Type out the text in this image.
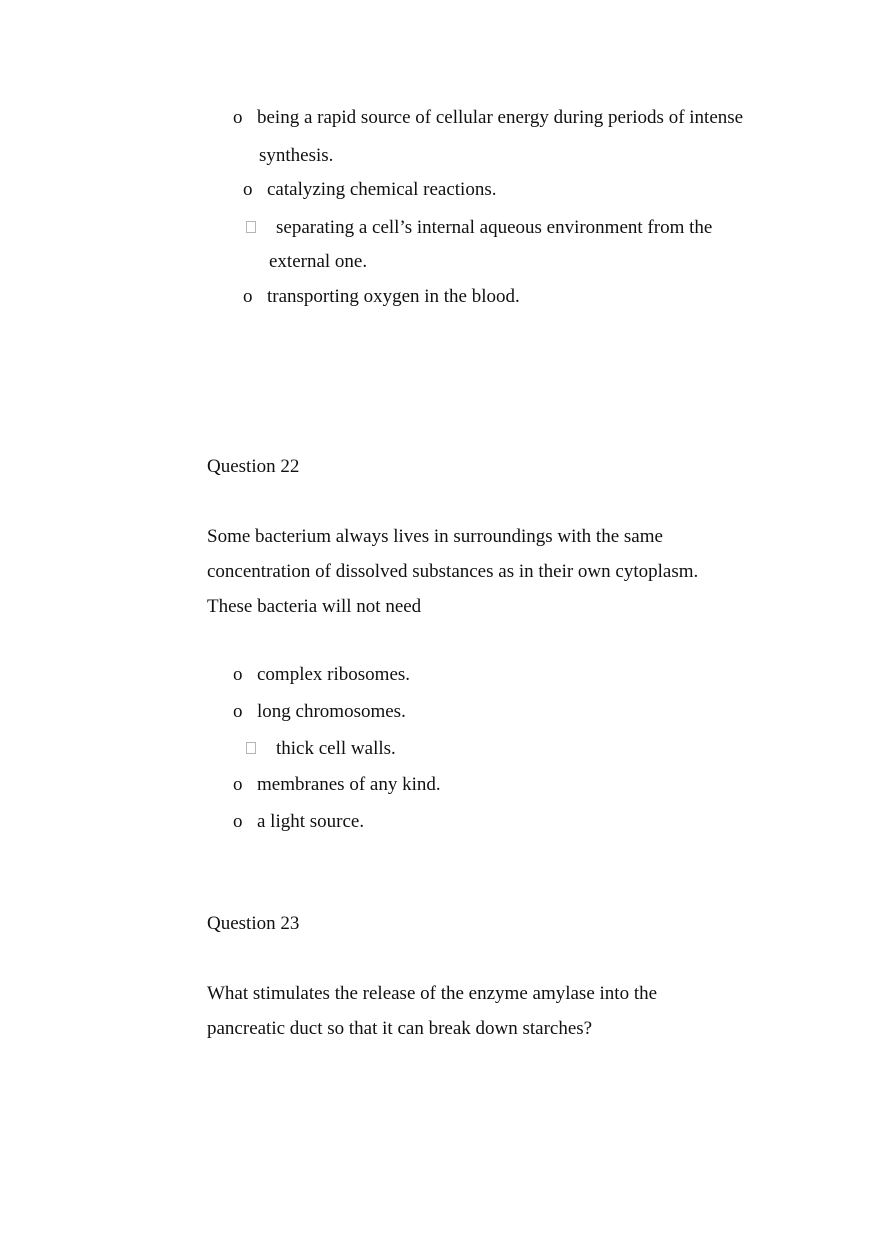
o being a rapid source of cellular energy during periods of intense
synthesis.
o catalyzing chemical reactions.
separating a cell’s internal aqueous environment from the
external one.
o transporting oxygen in the blood.
Question 22
Some bacterium always lives in surroundings with the same
concentration of dissolved substances as in their own cytoplasm.
These bacteria will not need
o complex ribosomes.
o long chromosomes.
thick cell walls.
o membranes of any kind.
o a light source.
Question 23
What stimulates the release of the enzyme amylase into the
pancreatic duct so that it can break down starches?
